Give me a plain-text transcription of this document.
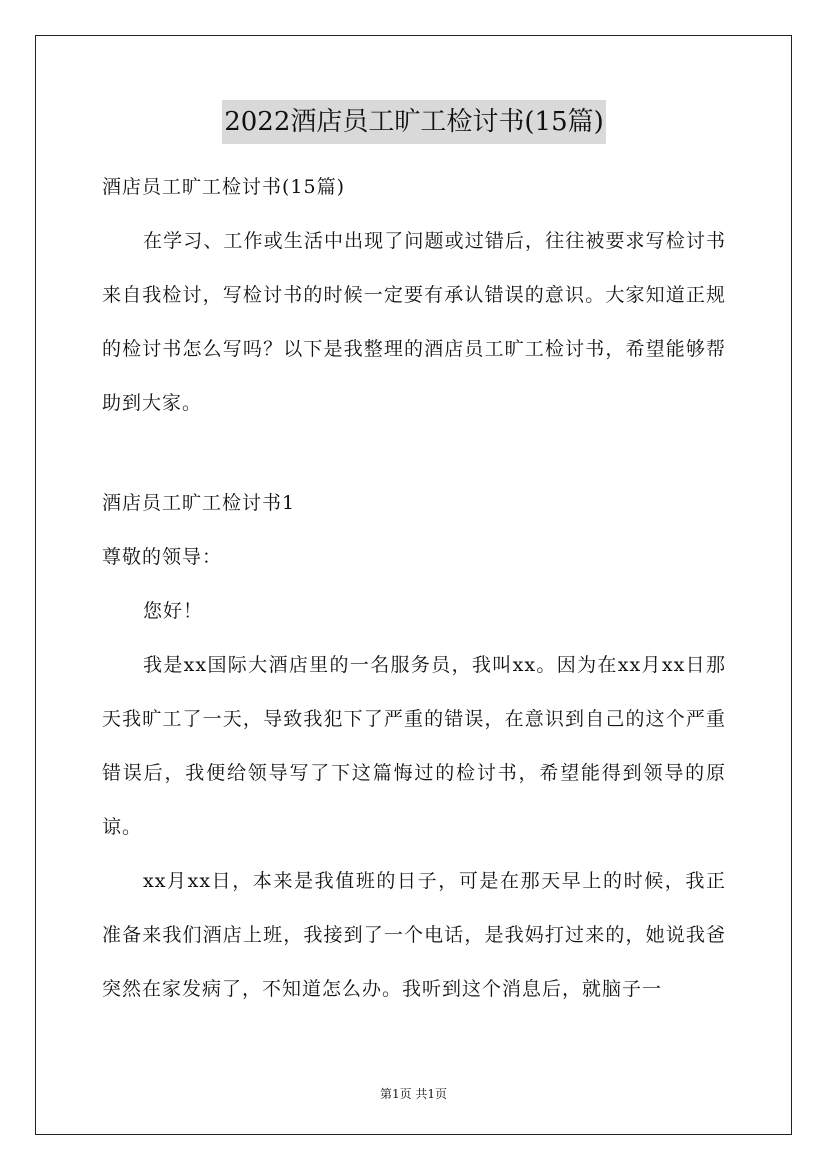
2022酒店员工旷工检讨书(15篇)

酒店员工旷工检讨书(15篇)

在学习、工作或生活中出现了问题或过错后，往往被要求写检讨书来自我检讨，写检讨书的时候一定要有承认错误的意识。大家知道正规的检讨书怎么写吗？以下是我整理的酒店员工旷工检讨书，希望能够帮助到大家。

酒店员工旷工检讨书1

尊敬的领导：

您好！

我是xx国际大酒店里的一名服务员，我叫xx。因为在xx月xx日那天我旷工了一天，导致我犯下了严重的错误，在意识到自己的这个严重错误后，我便给领导写了下这篇悔过的检讨书，希望能得到领导的原谅。

xx月xx日，本来是我值班的日子，可是在那天早上的时候，我正准备来我们酒店上班，我接到了一个电话，是我妈打过来的，她说我爸突然在家发病了，不知道怎么办。我听到这个消息后，就脑子一

第1页 共1页
